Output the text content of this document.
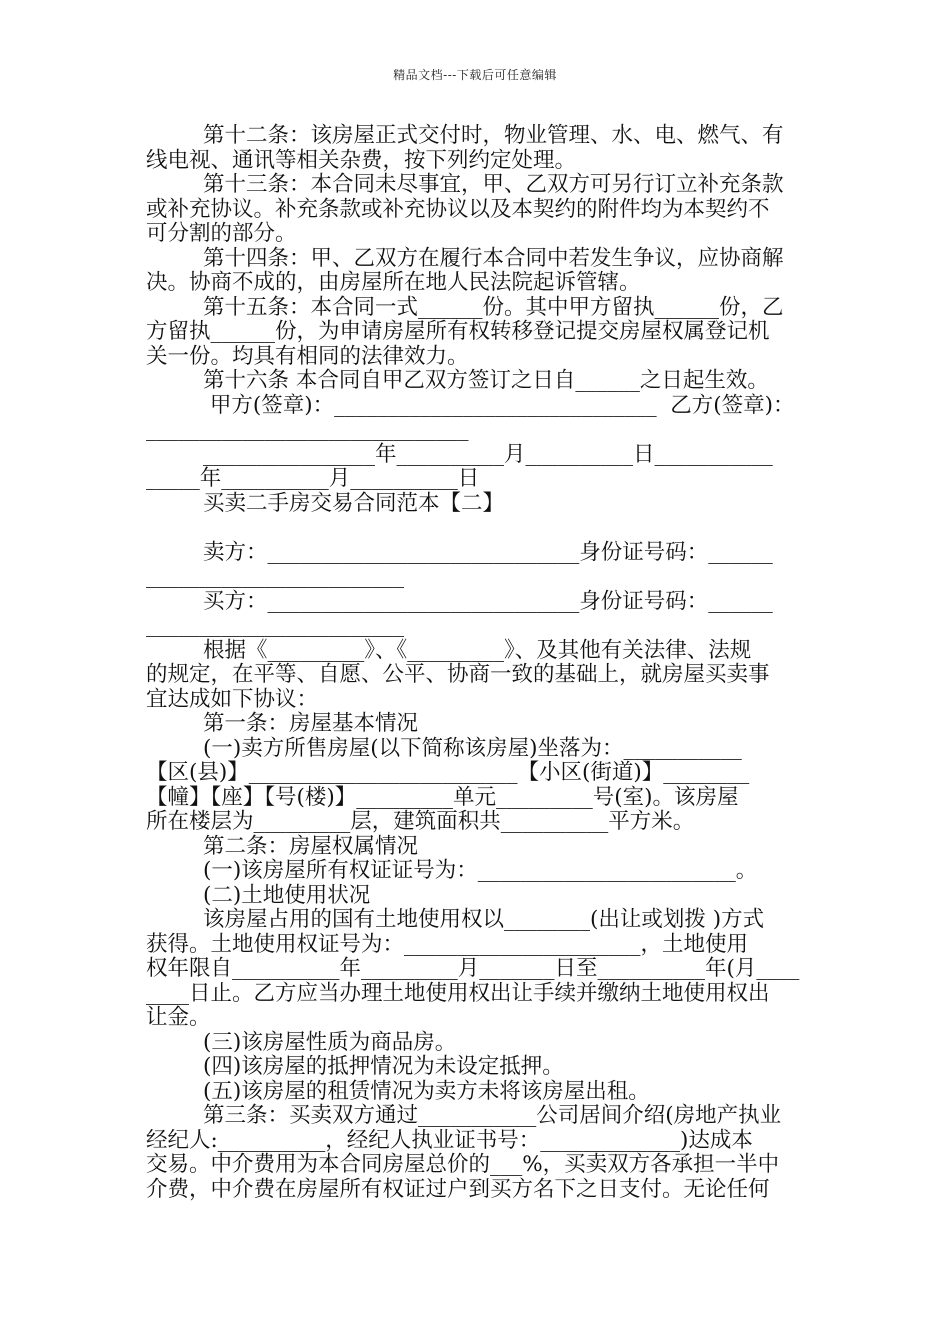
精品文档---下载后可任意编辑

第十二条：该房屋正式交付时，物业管理、水、电、燃气、有

线电视、通讯等相关杂费，按下列约定处理。

第十三条：本合同未尽事宜，甲、乙双方可另行订立补充条款

或补充协议。补充条款或补充协议以及本契约的附件均为本契约不

可分割的部分。

第十四条：甲、乙双方在履行本合同中若发生争议，应协商解

决。协商不成的，由房屋所在地人民法院起诉管辖。

第十五条：本合同一式______份。其中甲方留执______份，乙

方留执______份，为申请房屋所有权转移登记提交房屋权属登记机

关一份。均具有相同的法律效力。

第十六条 本合同自甲乙双方签订之日自______之日起生效。

甲方(签章)：______________________________  乙方(签章)：

______________________________

________________年__________月__________日___________

_____年__________月__________日

买卖二手房交易合同范本【二】

卖方：_____________________________身份证号码：______

________________________

买方：_____________________________身份证号码：______

________________________

根据《_________》、《_________》、及其他有关法律、法规

的规定，在平等、自愿、公平、协商一致的基础上，就房屋买卖事

宜达成如下协议：

第一条：房屋基本情况

(一)卖方所售房屋(以下简称该房屋)坐落为：___________

【区(县)】_________________________【小区(街道)】________

【幢】【座】【号(楼)】_________单元_________号(室)。该房屋

所在楼层为_________层，建筑面积共__________平方米。

第二条：房屋权属情况

(一)该房屋所有权证证号为：________________________。

(二)土地使用状况

该房屋占用的国有土地使用权以________(出让或划拨 )方式

获得。土地使用权证号为：______________________，土地使用

权年限自__________年_________月_______日至__________年(月____

____日止。乙方应当办理土地使用权出让手续并缴纳土地使用权出

让金。

(三)该房屋性质为商品房。

(四)该房屋的抵押情况为未设定抵押。

(五)该房屋的租赁情况为卖方未将该房屋出租。

第三条：买卖双方通过___________公司居间介绍(房地产执业

经纪人:__________，经纪人执业证书号：_____________)达成本

交易。中介费用为本合同房屋总价的___%，买卖双方各承担一半中

介费，中介费在房屋所有权证过户到买方名下之日支付。无论任何
